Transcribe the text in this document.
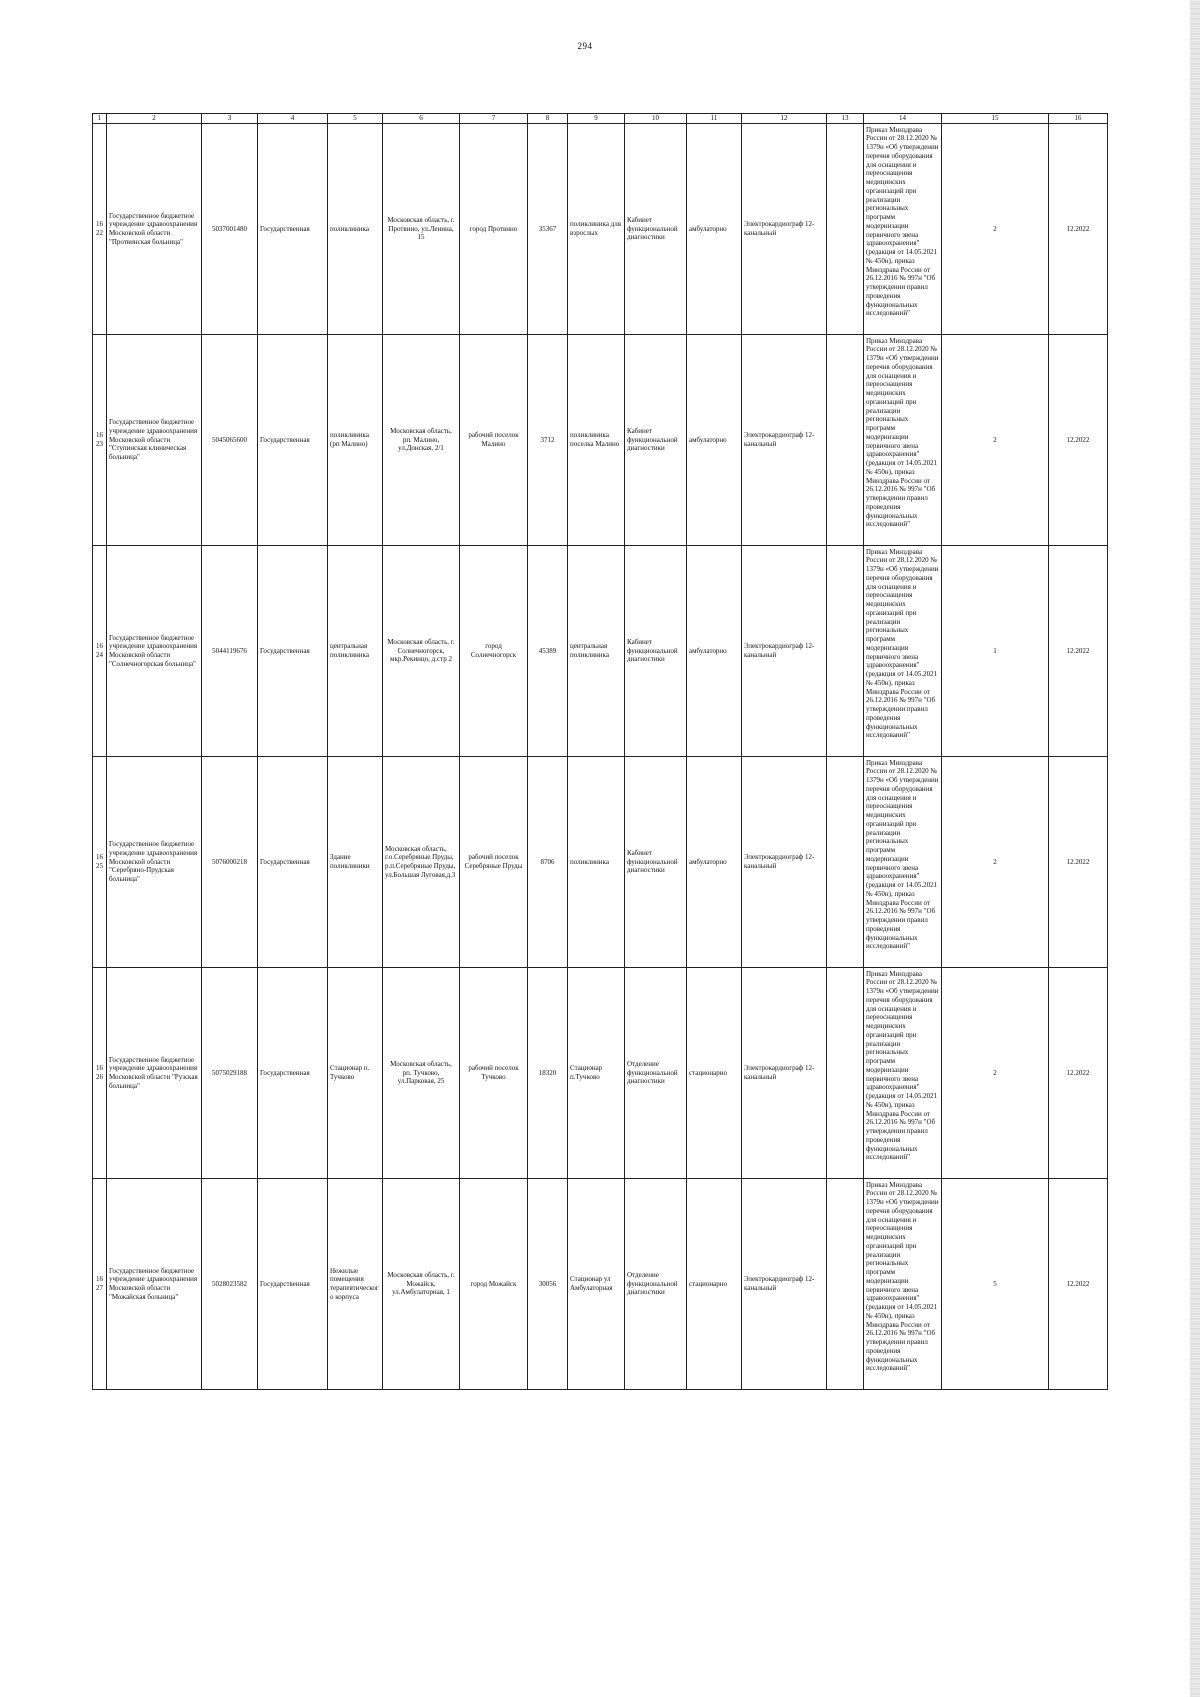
294
1	2	3	4	5	6	7	8	9	10	11	12	13	14	15	16
1622	Государственное бюджетное учреждение здравоохранения Московской области "Протвинская больница"	5037001480	Государственная	поликлиника	Московская область, г. Протвино, ул.Ленина, 15	город Протвино	35367	поликлиника для взрослых	Кабинет функциональной диагностики	амбулаторно	Электрокардиограф 12-канальный		Приказ Минздрава России от 28.12.2020 № 1379н «Об утверждении перечня оборудования для оснащения и переоснащения медицинских организаций при реализации региональных программ модернизации первичного звена здравоохранения"(редакция от 14.05.2021 № 450н), приказ Минздрава России от 26.12.2016 № 997н "Об утверждении правил проведения функциональных исследований"	2	12.2022
1623	Государственное бюджетное учреждение здравоохранения Московской области "Ступинская клиническая больница"	5045065600	Государственная	поликлиника (рп Малино)	Московская область, рп. Малино, ул.Донская, 2/1	рабочий поселок Малино	3712	поликлиника поселка Малино	Кабинет функциональной диагностики	амбулаторно	Электрокардиограф 12-канальный		Приказ Минздрава России от 28.12.2020 № 1379н «Об утверждении перечня оборудования для оснащения и переоснащения медицинских организаций при реализации региональных программ модернизации первичного звена здравоохранения"(редакция от 14.05.2021 № 450н), приказ Минздрава России от 26.12.2016 № 997н "Об утверждении правил проведения функциональных исследований"	2	12.2022
1624	Государственное бюджетное учреждение здравоохранения Московской области "Солнечногорская больница"	5044119676	Государственная	центральная поликлиника	Московская область, г. Солнечногорск, мкр.Рекинцо, д.стр 2	город Солнечногорск	45389	центральная поликлиника	Кабинет функциональной диагностики	амбулаторно	Электрокардиограф 12-канальный		Приказ Минздрава России от 28.12.2020 № 1379н «Об утверждении перечня оборудования для оснащения и переоснащения медицинских организаций при реализации региональных программ модернизации первичного звена здравоохранения"(редакция от 14.05.2021 № 450н), приказ Минздрава России от 26.12.2016 № 997н "Об утверждении правил проведения функциональных исследований"	1	12.2022
1625	Государственное бюджетное учреждение здравоохранения Московской области "Серебряно-Прудская больница"	5076000218	Государственная	Здание поликлиники	Московская область, г.о.Серебряные Пруды, р.п.Серебряные Пруды, ул.Большая Луговая,д.3	рабочий поселок Серебряные Пруды	8706	поликлиника	Кабинет функциональной диагностики	амбулаторно	Электрокардиограф 12-канальный		Приказ Минздрава России от 28.12.2020 № 1379н «Об утверждении перечня оборудования для оснащения и переоснащения медицинских организаций при реализации региональных программ модернизации первичного звена здравоохранения"(редакция от 14.05.2021 № 450н), приказ Минздрава России от 26.12.2016 № 997н "Об утверждении правил проведения функциональных исследований"	2	12.2022
1626	Государственное бюджетное учреждение здравоохранения Московской области "Рузская больница"	5075029188	Государственная	Стационар п. Тучково	Московская область, рп. Тучково, ул.Парковая, 25	рабочий поселок Тучково	18320	Стационар п.Тучково	Отделение функциональной диагностики	стационарно	Электрокардиограф 12-канальный		Приказ Минздрава России от 28.12.2020 № 1379н «Об утверждении перечня оборудования для оснащения и переоснащения медицинских организаций при реализации региональных программ модернизации первичного звена здравоохранения"(редакция от 14.05.2021 № 450н), приказ Минздрава России от 26.12.2016 № 997н "Об утверждении правил проведения функциональных исследований"	2	12.2022
1627	Государственное бюджетное учреждение здравоохранения Московской области "Можайская больница"	5028023582	Государственная	Нежилые помещения терапевтического корпуса	Московская область, г. Можайск, ул.Амбулаторная, 1	город Можайск	30056	Стационар ул Амбулаторная	Отделение функциональной диагностики	стационарно	Электрокардиограф 12-канальный		Приказ Минздрава России от 28.12.2020 № 1379н «Об утверждении перечня оборудования для оснащения и переоснащения медицинских организаций при реализации региональных программ модернизации первичного звена здравоохранения"(редакция от 14.05.2021 № 450н), приказ Минздрава России от 26.12.2016 № 997н "Об утверждении правил проведения функциональных исследований"	5	12.2022
